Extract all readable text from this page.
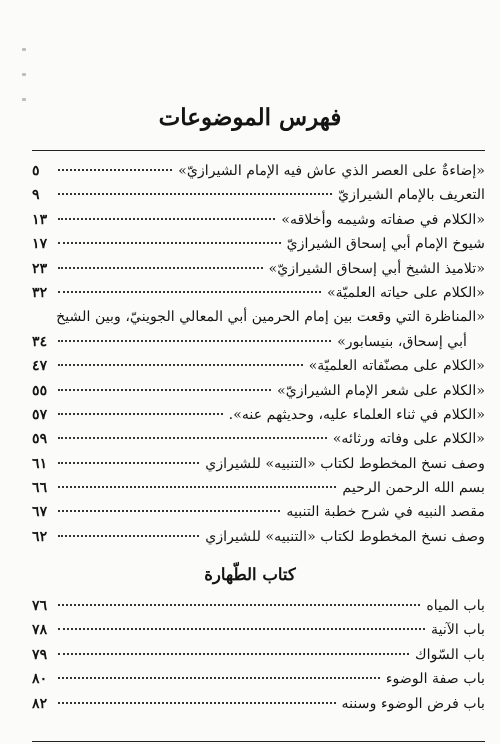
فهرس الموضوعات
«إضاءةٌ على العصر الذي عاش فيه الإمام الشيرازيّ»
٥
التعريف بالإمام الشيرازيّ
٩
«الكلام في صفاته وشيمه وأخلاقه»
١٣
شيوخ الإمام أبي إسحاق الشيرازيّ
١٧
«تلاميذ الشيخ أبي إسحاق الشيرازيّ»
٢٣
«الكلام على حياته العلميّة»
٣٢
«المناظرة التي وقعت بين إمام الحرمين أبي المعالي الجوينيّ، وبين الشيخ
أبي إسحاق، بنيسابور»
٣٤
«الكلام على مصنّفاته العلميّة»
٤٧
«الكلام على شعر الإمام الشيرازيّ»
٥٥
«الكلام في ثناء العلماء عليه، وحديثهم عنه».
٥٧
«الكلام على وفاته ورثائه»
٥٩
وصف نسخ المخطوط لكتاب «التنبيه» للشيرازي
٦١
بسم الله الرحمن الرحيم
٦٦
مقصد النبيه في شرح خطبة التنبيه
٦٧
وصف نسخ المخطوط لكتاب «التنبيه» للشيرازي
٦٢
كتاب الطّهارة
باب المياه
٧٦
باب الآنية
٧٨
باب السّواك
٧٩
باب صفة الوضوء
٨٠
باب فرض الوضوء وسننه
٨٢
